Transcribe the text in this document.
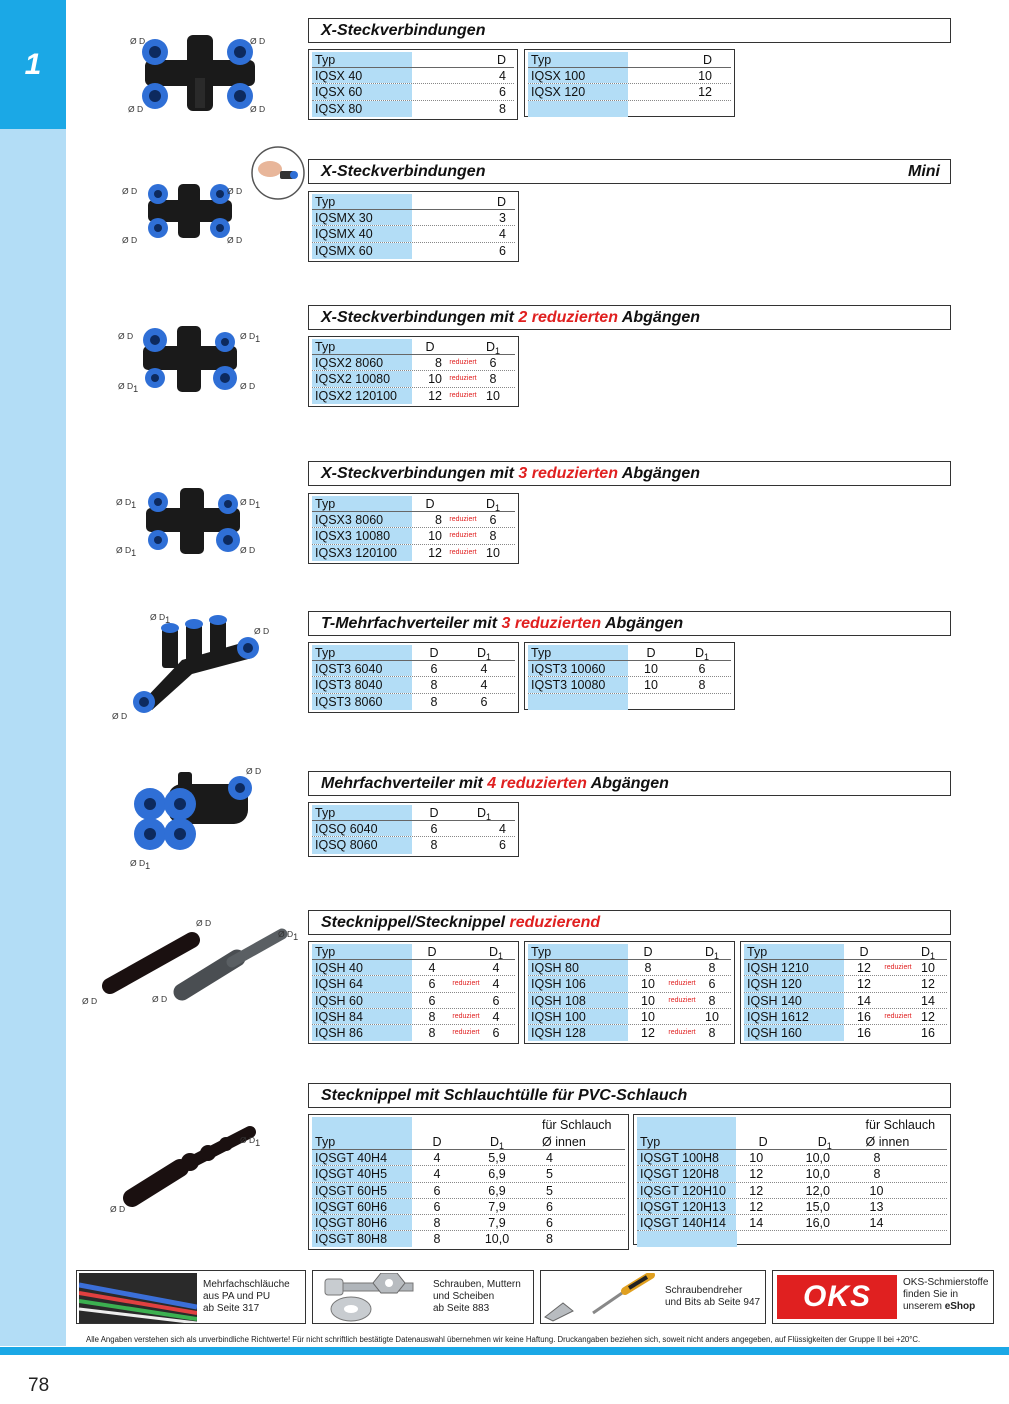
1
X-Steckverbindungen
Typ	D
IQSX 40	4
IQSX 60	6
IQSX 80	8
Typ	D
IQSX 100	10
IQSX 120	12

Ø D	Ø D
Ø D	Ø D
X-Steckverbindungen	Mini
Typ	D
IQSMX 30	3
IQSMX 40	4
IQSMX 60	6
Ø D	Ø D
Ø D	Ø D
X-Steckverbindungen mit 2 reduzierten Abgängen
Typ	D	$D_1$
IQSX2 8060	8	reduziert	6
IQSX2 10080	10	reduziert	8
IQSX2 120100	12	reduziert 10
Ø D	Ø D1
Ø D1	Ø D
X-Steckverbindungen mit 3 reduzierten Abgängen
Typ	D	$D_1$
IQSX3 8060	8	reduziert	6
IQSX3 10080	10	reduziert	8
IQSX3 120100	12	reduziert 10
Ø D1	Ø D1
Ø D1	Ø D
T-Mehrfachverteiler mit 3 reduzierten Abgängen
Typ	D	$D_1$
IQST3 6040	6	4
IQST3 8040	8	4
IQST3 8060	8	6
Typ	D	$D_1$
IQST3 10060	10	6
IQST3 10080	10	8

Ø D1
Ø D
Ø D
Mehrfachverteiler mit 4 reduzierten Abgängen
Typ	D	$D_1$
IQSQ 6040	6	4
IQSQ 8060	8	6
Ø D
Ø D1
Stecknippel/Stecknippel reduzierend
Typ	D	$D_1$
IQSH 40	4	4
IQSH 64	6	reduziert	4
IQSH 60	6	6
IQSH 84	8	reduziert	4
IQSH 86	8	reduziert	6
Typ	D	$D_1$
IQSH 80	8	8
IQSH 106	10	reduziert	6
IQSH 108	10	reduziert	8
IQSH 100	10	10
IQSH 128	12	reduziert	8
Typ	D	$D_1$
IQSH 1210	12	reduziert 10
IQSH 120	12	12
IQSH 140	14	14
IQSH 1612	16	reduziert 12
IQSH 160	16	16
Ø D
Ø D1
Ø D	Ø D
Stecknippel mit Schlauchtülle für PVC-Schlauch

für Schlauch
Typ	D	$D_1$	Ø innen
IQSGT 40H4	4	5,9	4
IQSGT 40H5	4	6,9	5
IQSGT 60H5	6	6,9	5
IQSGT 60H6	6	7,9	6
IQSGT 80H6	8	7,9	6
IQSGT 80H8	8	10,0	8

für Schlauch
Typ	D	$D_1$	Ø innen
IQSGT 100H8	10	10,0	8
IQSGT 120H8	12	10,0	8
IQSGT 120H10	12	12,0	10
IQSGT 120H13	12	15,0	13
IQSGT 140H14	14	16,0	14

Ø D1
Ø D
Mehrfachschläuche
aus PA und PU
ab Seite 317
Schrauben, Muttern
und Scheiben
ab Seite 883
Schraubendreher
und Bits ab Seite 947 OKS	OKS-Schmierstoffe
finden Sie in
unserem eShop
Alle Angaben verstehen sich als unverbindliche Richtwerte! Für nicht schriftlich bestätigte Datenauswahl übernehmen wir keine Haftung. Druckangaben beziehen sich, soweit nicht anders angegeben, auf Flüssigkeiten der Gruppe II bei +20°C.
78
